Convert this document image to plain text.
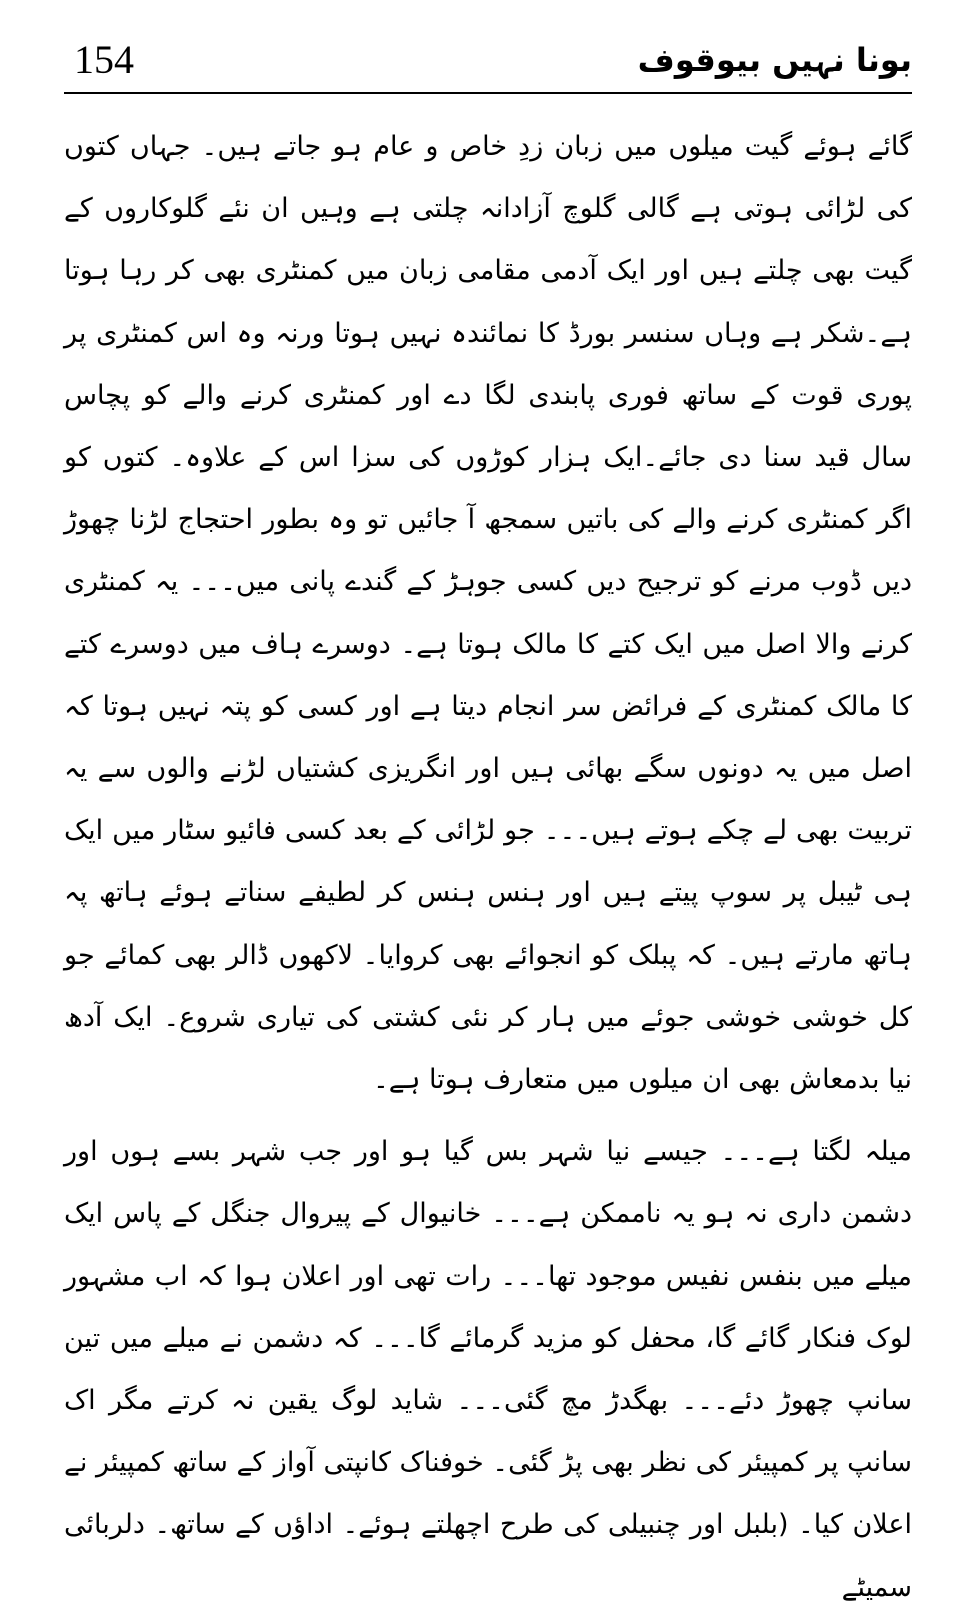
154	بونا نہیں بیوقوف

گائے ہوئے گیت میلوں میں زبان زدِ خاص و عام ہو جاتے ہیں۔ جہاں کتوں کی لڑائی ہوتی ہے گالی گلوچ آزادانہ چلتی ہے وہیں ان نئے گلوکاروں کے گیت بھی چلتے ہیں اور ایک آدمی مقامی زبان میں کمنٹری بھی کر رہا ہوتا ہے۔شکر ہے وہاں سنسر بورڈ کا نمائندہ نہیں ہوتا ورنہ وہ اس کمنٹری پر پوری قوت کے ساتھ فوری پابندی لگا دے اور کمنٹری کرنے والے کو پچاس سال قید سنا دی جائے۔ایک ہزار کوڑوں کی سزا اس کے علاوہ۔ کتوں کو اگر کمنٹری کرنے والے کی باتیں سمجھ آ جائیں تو وہ بطور احتجاج لڑنا چھوڑ دیں ڈوب مرنے کو ترجیح دیں کسی جوہڑ کے گندے پانی میں۔۔۔ یہ کمنٹری کرنے والا اصل میں ایک کتے کا مالک ہوتا ہے۔ دوسرے ہاف میں دوسرے کتے کا مالک کمنٹری کے فرائض سر انجام دیتا ہے اور کسی کو پتہ نہیں ہوتا کہ اصل میں یہ دونوں سگے بھائی ہیں اور انگریزی کشتیاں لڑنے والوں سے یہ تربیت بھی لے چکے ہوتے ہیں۔۔۔ جو لڑائی کے بعد کسی فائیو سٹار میں ایک ہی ٹیبل پر سوپ پیتے ہیں اور ہنس ہنس کر لطیفے سناتے ہوئے ہاتھ پہ ہاتھ مارتے ہیں۔ کہ پبلک کو انجوائے بھی کروایا۔ لاکھوں ڈالر بھی کمائے جو کل خوشی خوشی جوئے میں ہار کر نئی کشتی کی تیاری شروع۔ ایک آدھ نیا بدمعاش بھی ان میلوں میں متعارف ہوتا ہے۔

میلہ لگتا ہے۔۔۔ جیسے نیا شہر بس گیا ہو اور جب شہر بسے ہوں اور دشمن داری نہ ہو یہ ناممکن ہے۔۔۔ خانیوال کے پیروال جنگل کے پاس ایک میلے میں بنفس نفیس موجود تھا۔۔۔ رات تھی اور اعلان ہوا کہ اب مشہور لوک فنکار گائے گا، محفل کو مزید گرمائے گا۔۔۔ کہ دشمن نے میلے میں تین سانپ چھوڑ دئے۔۔۔ بھگدڑ مچ گئی۔۔۔ شاید لوگ یقین نہ کرتے مگر اک سانپ پر کمپیئر کی نظر بھی پڑ گئی۔ خوفناک کانپتی آواز کے ساتھ کمپیئر نے اعلان کیا۔ (بلبل اور چنبیلی کی طرح اچھلتے ہوئے۔ اداؤں کے ساتھ۔ دلربائی سمیٹے
